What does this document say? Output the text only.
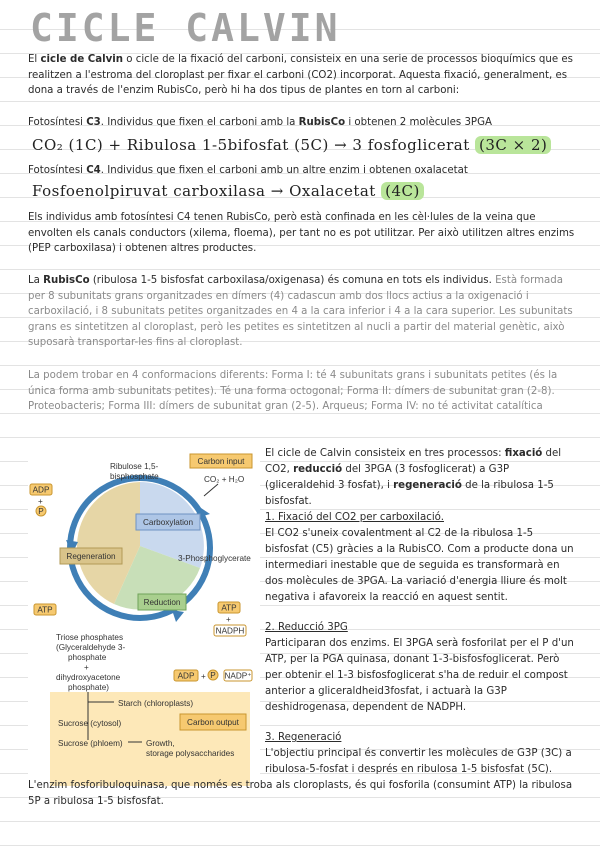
CICLE CALVIN
El cicle de Calvin o cicle de la fixació del carboni, consisteix en una serie de processos bioquímics que es realitzen a l'estroma del cloroplast per fixar el carboni (CO2) incorporat. Aquesta fixació, generalment, es dona a través de l'enzim RubisCo, però hi ha dos tipus de plantes en torn al carboni:
Fotosíntesi C3. Individus que fixen el carboni amb la RubisCo i obtenen 2 molècules 3PGA
CO₂ (1C) + Ribulosa 1-5bifosfat (5C) → 3 fosfoglicerat (3C × 2)
Fotosíntesi C4. Individus que fixen el carboni amb un altre enzim i obtenen oxalacetat
Fosfoenolpiruvat carboxilasa → Oxalacetat (4C)
Els individus amb fotosíntesi C4 tenen RubisCo, però està confinada en les cèl·lules de la veina que envolten els canals conductors (xilema, floema), per tant no es pot utilitzar. Per això utilitzen altres enzims (PEP carboxilasa) i obtenen altres productes.
La RubisCo (ribulosa 1-5 bisfosfat carboxilasa/oxigenasa) és comuna en tots els individus. Està formada per 8 subunitats grans organitzades en dímers (4) cadascun amb dos llocs actius a la oxigenació i carboxilació, i 8 subunitats petites organitzades en 4 a la cara inferior i 4 a la cara superior. Les subunitats grans es sintetitzen al cloroplast, però les petites es sintetitzen al nucli a partir del material genètic, això suposarà transportar-les fins al cloroplast.
La podem trobar en 4 conformacions diferents: Forma I: té 4 subunitats grans i subunitats petites (és la única forma amb subunitats petites). Té una forma octogonal; Forma II: dímers de subunitat gran (2-8). Proteobacteris; Forma III: dímers de subunitat gran (2-5). Arqueus; Forma IV: no té activitat catalítica
Carboxylation
Regeneration
Reduction
Ribulose 1,5-
bisphosphate
Carbon input
CO₂ + H₂O
ADP
+
P
ATP
3-Phosphoglycerate
ATP
+
NADPH
Triose phosphates
(Glyceraldehyde 3-
phosphate
+
dihydroxyacetone
phosphate)
ADP + P NADP⁺
Starch (chloroplasts)
Sucrose (cytosol)	Carbon output
Sucrose (phloem)	Growth,
storage polysaccharides
El cicle de Calvin consisteix en tres processos: fixació del CO2, reducció del 3PGA (3 fosfoglicerat) a G3P (gliceraldehid 3 fosfat), i regeneració de la ribulosa 1-5 bisfosfat.
1. Fixació del CO2 per carboxilació.
El CO2 s'uneix covalentment al C2 de la ribulosa 1-5 bisfosfat (C5) gràcies a la RubisCO. Com a producte dona un intermediari inestable que de seguida es transformarà en dos molècules de 3PGA. La variació d'energia lliure és molt negativa i afavoreix la reacció en aquest sentit.
2. Reducció 3PG
Participaran dos enzims. El 3PGA serà fosforilat per el P d'un ATP, per la PGA quinasa, donant 1-3-bisfosfoglicerat. Però per obtenir el 1-3 bisfosfoglicerat s'ha de reduir el compost anterior a gliceraldheid3fosfat, i actuarà la G3P deshidrogenasa, dependent de NADPH.
3. Regeneració
L'objectiu principal és convertir les molècules de G3P (3C) a ribulosa-5-fosfat i després en ribulosa 1-5 bisfosfat (5C).
L'enzim fosforibuloquinasa, que només es troba als cloroplasts, és qui fosforila (consumint ATP) la ribulosa 5P a ribulosa 1-5 bisfosfat.
